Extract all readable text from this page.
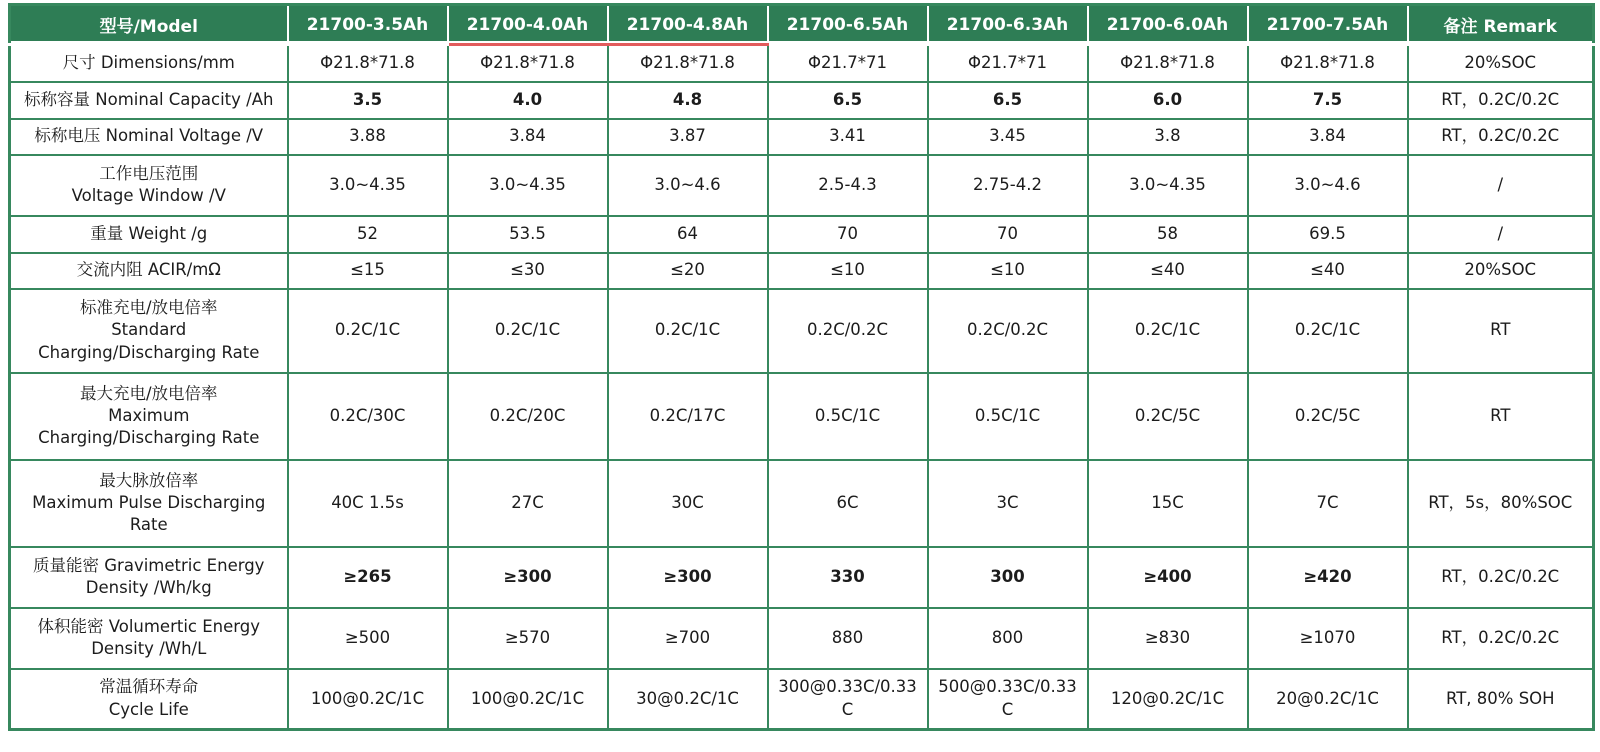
型号/Model	21700-3.5Ah	21700-4.0Ah	21700-4.8Ah	21700-6.5Ah	21700-6.3Ah	21700-6.0Ah	21700-7.5Ah	备注 Remark

尺寸 Dimensions/mm	Φ21.8*71.8	Φ21.8*71.8	Φ21.8*71.8	Φ21.7*71	Φ21.7*71	Φ21.8*71.8	Φ21.8*71.8	20%SOC

标称容量 Nominal Capacity /Ah	3.5	4.0	4.8	6.5	6.5	6.0	7.5	RT，0.2C/0.2C

标称电压 Nominal Voltage /V	3.88	3.84	3.87	3.41	3.45	3.8	3.84	RT，0.2C/0.2C

工作电压范围
Voltage Window /V	3.0~4.35	3.0~4.35	3.0~4.6	2.5-4.3	2.75-4.2	3.0~4.35	3.0~4.6	/

重量 Weight /g	52	53.5	64	70	70	58	69.5	/

交流内阻 ACIR/mΩ	≤15	≤30	≤20	≤10	≤10	≤40	≤40	20%SOC

标准充电/放电倍率
Standard
Charging/Discharging Rate	0.2C/1C	0.2C/1C	0.2C/1C	0.2C/0.2C	0.2C/0.2C	0.2C/1C	0.2C/1C	RT

最大充电/放电倍率
Maximum
Charging/Discharging Rate	0.2C/30C	0.2C/20C	0.2C/17C	0.5C/1C	0.5C/1C	0.2C/5C	0.2C/5C	RT

最大脉放倍率
Maximum Pulse Discharging
Rate	40C 1.5s	27C	30C	6C	3C	15C	7C	RT，5s，80%SOC

质量能密 Gravimetric Energy
Density /Wh/kg	≥265	≥300	≥300	330	300	≥400	≥420	RT，0.2C/0.2C

体积能密 Volumertic Energy
Density /Wh/L	≥500	≥570	≥700	880	800	≥830	≥1070	RT，0.2C/0.2C

常温循环寿命
Cycle Life	100@0.2C/1C	100@0.2C/1C	30@0.2C/1C	300@0.33C/0.33C	500@0.33C/0.33C	120@0.2C/1C	20@0.2C/1C	RT, 80% SOH
